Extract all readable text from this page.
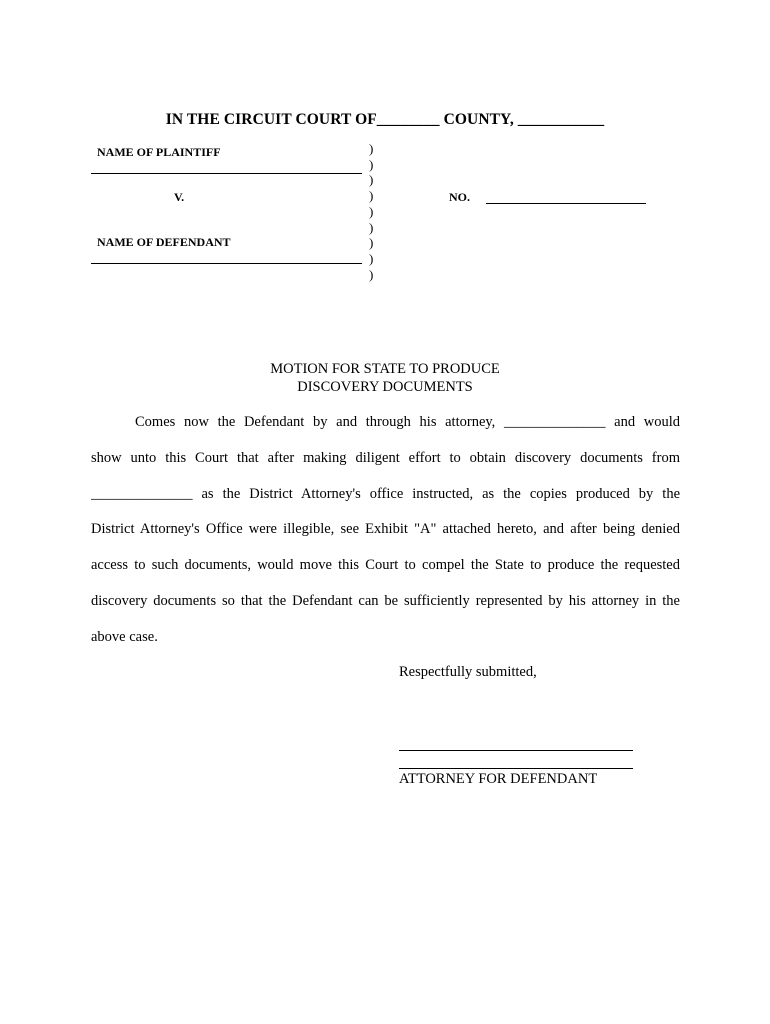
IN THE CIRCUIT COURT OF________ COUNTY, ___________
NAME OF PLAINTIFF
V.
NAME OF DEFENDANT
)
)
)
)
)
)
)
)
)
NO.
MOTION FOR STATE TO PRODUCE
DISCOVERY DOCUMENTS
Comes now the Defendant by and through his attorney, ______________ and would
show unto this Court that after making diligent effort to obtain discovery documents from
______________ as the District Attorney's office instructed, as the copies produced by the
District Attorney's Office were illegible, see Exhibit "A" attached hereto, and after being denied
access to such documents, would move this Court to compel the State to produce the requested
discovery documents so that the Defendant can be sufficiently represented by his attorney in the
above case.
Respectfully submitted,
ATTORNEY FOR DEFENDANT
